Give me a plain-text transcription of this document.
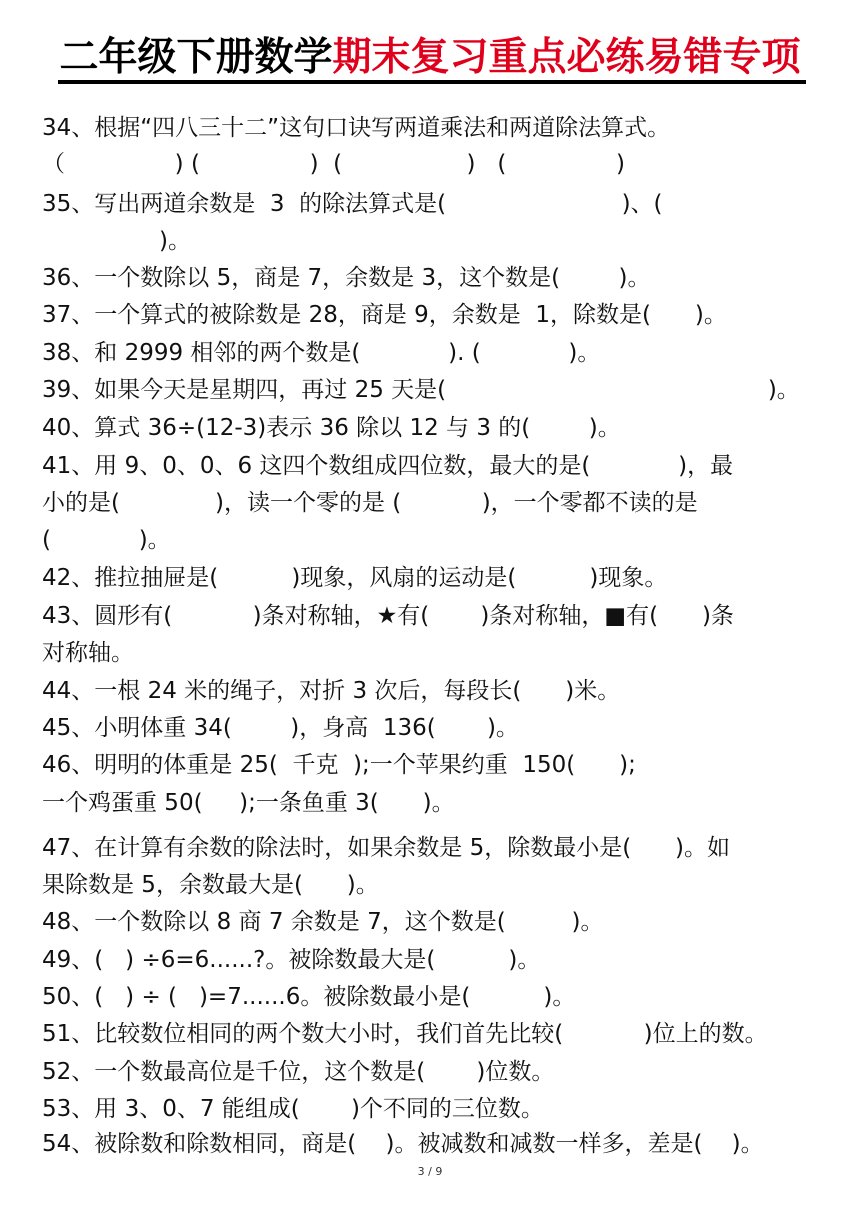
二年级下册数学期末复习重点必练易错专项
34、根据“四八三十二”这句口诀写两道乘法和两道除法算式。
（               ) (               )  (                 )   (               )
35、写出两道余数是  3  的除法算式是(                        )、(
)。
36、一个数除以 5，商是 7，余数是 3，这个数是(        )。
37、一个算式的被除数是 28，商是 9，余数是  1，除数是(      )。
38、和 2999 相邻的两个数是(            ). (            )。
39、如果今天是星期四，再过 25 天是(                                            )。
40、算式 36÷(12-3)表示 36 除以 12 与 3 的(        )。
41、用 9、0、0、6 这四个数组成四位数，最大的是(            )，最
小的是(             )，读一个零的是 (           )，一个零都不读的是
(            )。
42、推拉抽屉是(          )现象，风扇的运动是(          )现象。
43、圆形有(           )条对称轴，★有(       )条对称轴，■有(      )条
对称轴。
44、一根 24 米的绳子，对折 3 次后，每段长(      )米。
45、小明体重 34(        )，身高  136(       )。
46、明明的体重是 25(  千克  );一个苹果约重  150(      );
一个鸡蛋重 50(     );一条鱼重 3(      )。
47、在计算有余数的除法时，如果余数是 5，除数最小是(      )。如
果除数是 5，余数最大是(      )。
48、一个数除以 8 商 7 余数是 7，这个数是(         )。
49、(   ) ÷6=6......?。被除数最大是(          )。
50、(   ) ÷ (   )=7......6。被除数最小是(          )。
51、比较数位相同的两个数大小时，我们首先比较(           )位上的数。
52、一个数最高位是千位，这个数是(       )位数。
53、用 3、0、7 能组成(       )个不同的三位数。
54、被除数和除数相同，商是(    )。被减数和减数一样多，差是(    )。
3 / 9
